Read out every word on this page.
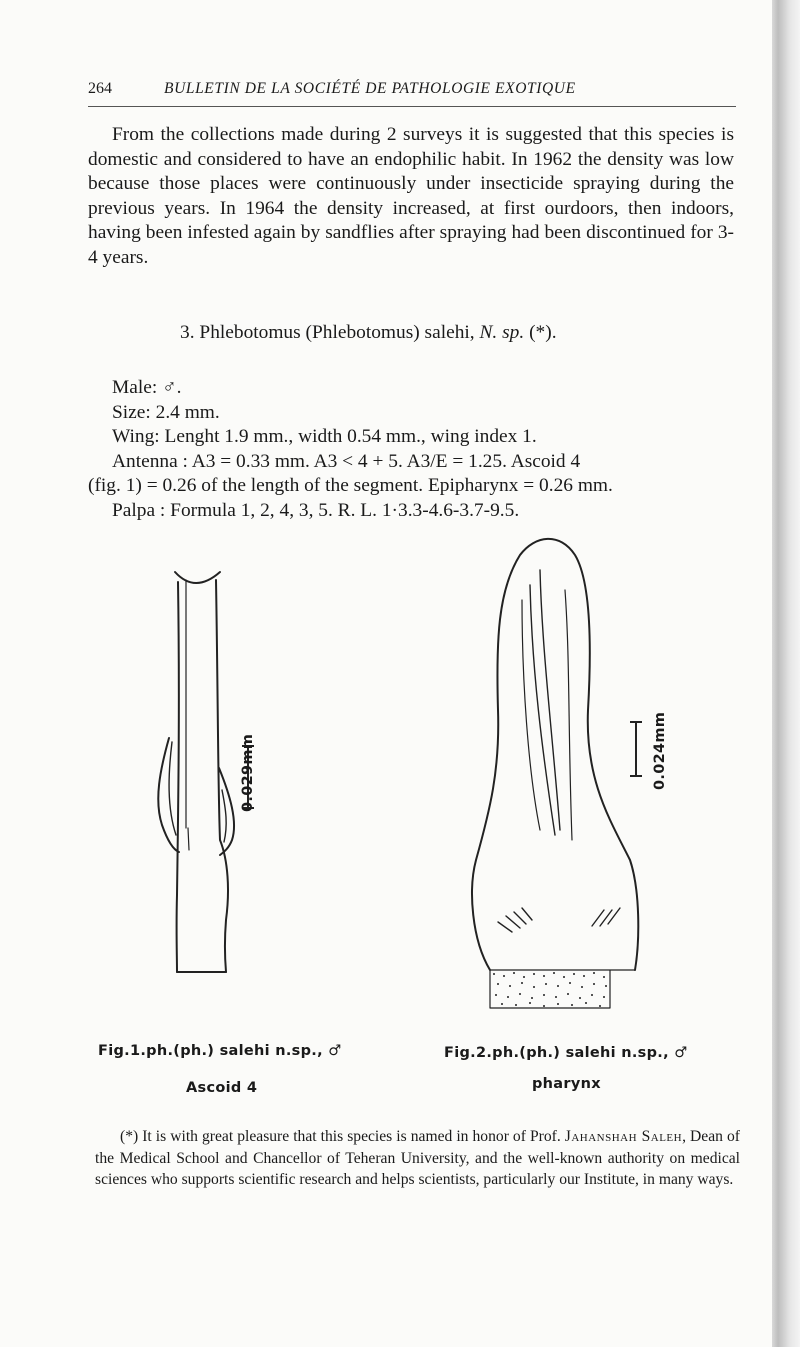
264	BULLETIN DE LA SOCIÉTÉ DE PATHOLOGIE EXOTIQUE

From the collections made during 2 surveys it is suggested that this species is domestic and considered to have an endophilic habit. In 1962 the density was low because those places were continuously under insecticide spraying during the previous years. In 1964 the density increased, at first ourdoors, then indoors, having been infested again by sandflies after spraying had been discontinued for 3-4 years.

3. Phlebotomus (Phlebotomus) salehi, N. sp. (*).
Male: ♂.
Size: 2.4 mm.
Wing: Lenght 1.9 mm., width 0.54 mm., wing index 1.
Antenna : A3 = 0.33 mm. A3 < 4 + 5. A3/E = 1.25. Ascoid 4
(fig. 1) = 0.26 of the length of the segment. Epipharynx = 0.26 mm.
Palpa : Formula 1, 2, 4, 3, 5. R. L. 1·3.3-4.6-3.7-9.5.
0.029mm
Fig.1.ph.(ph.) salehi n.sp., ♂
Ascoid 4
0.024mm
Fig.2.ph.(ph.) salehi n.sp., ♂
pharynx

(*) It is with great pleasure that this species is named in honor of Prof. Jahanshah Saleh, Dean of the Medical School and Chancellor of Teheran University, and the well-known authority on medical sciences who supports scientific research and helps scientists, particularly our Institute, in many ways.
